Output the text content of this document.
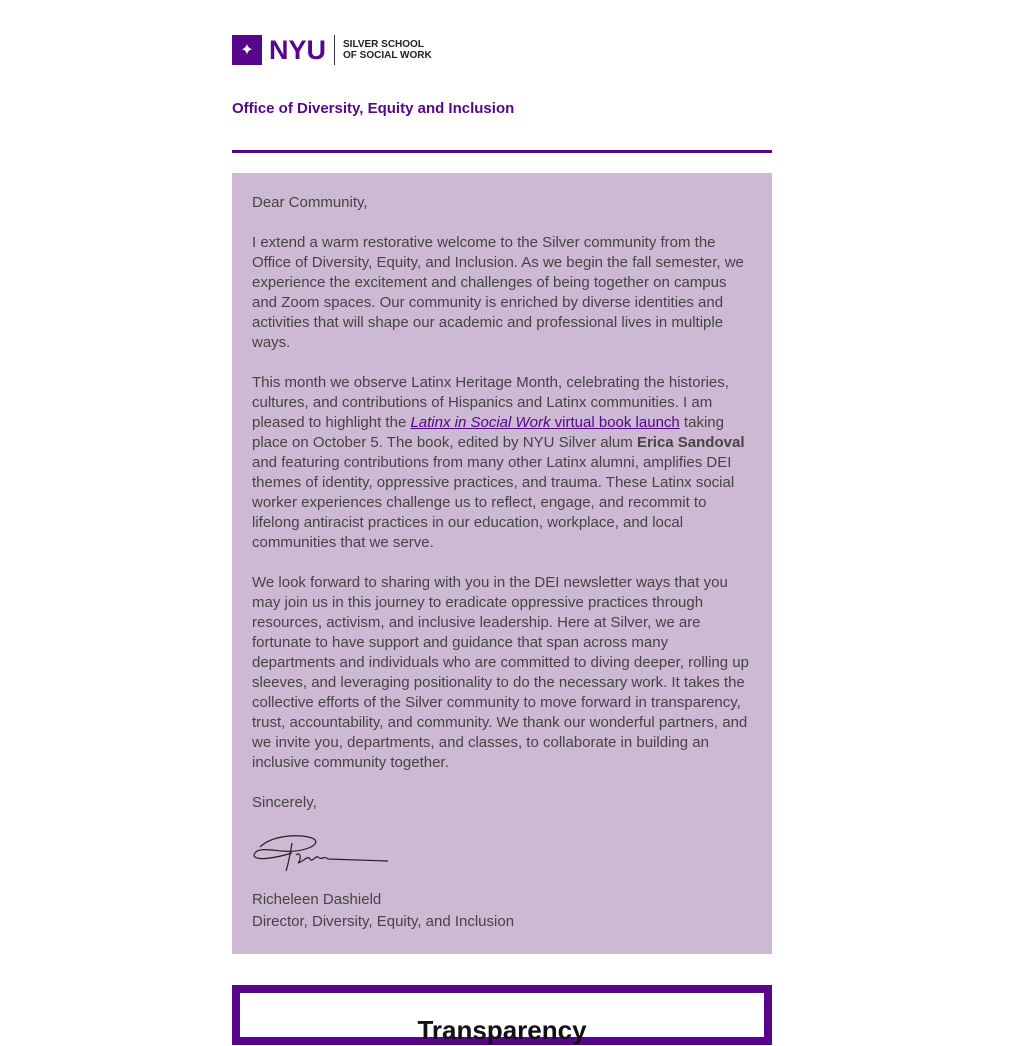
✦ NYU SILVER SCHOOL
OF SOCIAL WORK
Office of Diversity, Equity and Inclusion

Dear Community,

I extend a warm restorative welcome to the Silver community from the Office of Diversity, Equity, and Inclusion. As we begin the fall semester, we experience the excitement and challenges of being together on campus and Zoom spaces. Our community is enriched by diverse identities and activities that will shape our academic and professional lives in multiple ways.

This month we observe Latinx Heritage Month, celebrating the histories, cultures, and contributions of Hispanics and Latinx communities. I am pleased to highlight the Latinx in Social Work virtual book launch taking place on October 5. The book, edited by NYU Silver alum Erica Sandoval and featuring contributions from many other Latinx alumni, amplifies DEI themes of identity, oppressive practices, and trauma. These Latinx social worker experiences challenge us to reflect, engage, and recommit to lifelong antiracist practices in our education, workplace, and local communities that we serve.

We look forward to sharing with you in the DEI newsletter ways that you may join us in this journey to eradicate oppressive practices through resources, activism, and inclusive leadership. Here at Silver, we are fortunate to have support and guidance that span across many departments and individuals who are committed to diving deeper, rolling up sleeves, and leveraging positionality to do the necessary work. It takes the collective efforts of the Silver community to move forward in transparency, trust, accountability, and community. We thank our wonderful partners, and we invite you, departments, and classes, to collaborate in building an inclusive community together.

Sincerely,

Richeleen Dashield
Director, Diversity, Equity, and Inclusion
Transparency
